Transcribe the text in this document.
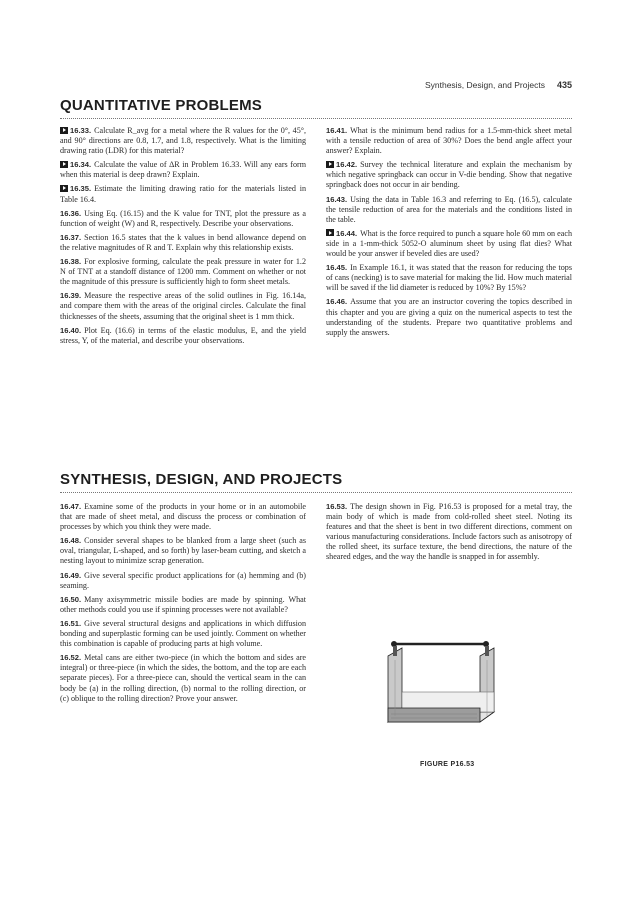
Synthesis, Design, and Projects 435
QUANTITATIVE PROBLEMS

16.33. Calculate R_avg for a metal where the R values for the 0°, 45°, and 90° directions are 0.8, 1.7, and 1.8, respectively. What is the limiting drawing ratio (LDR) for this material?

16.34. Calculate the value of ΔR in Problem 16.33. Will any ears form when this material is deep drawn? Explain.

16.35. Estimate the limiting drawing ratio for the materials listed in Table 16.4.

16.36. Using Eq. (16.15) and the K value for TNT, plot the pressure as a function of weight (W) and R, respectively. Describe your observations.

16.37. Section 16.5 states that the k values in bend allowance depend on the relative magnitudes of R and T. Explain why this relationship exists.

16.38. For explosive forming, calculate the peak pressure in water for 1.2 N of TNT at a standoff distance of 1200 mm. Comment on whether or not the magnitude of this pressure is sufficiently high to form sheet metals.

16.39. Measure the respective areas of the solid outlines in Fig. 16.14a, and compare them with the areas of the original circles. Calculate the final thicknesses of the sheets, assuming that the original sheet is 1 mm thick.

16.40. Plot Eq. (16.6) in terms of the elastic modulus, E, and the yield stress, Y, of the material, and describe your observations.

16.41. What is the minimum bend radius for a 1.5-mm-thick sheet metal with a tensile reduction of area of 30%? Does the bend angle affect your answer? Explain.

16.42. Survey the technical literature and explain the mechanism by which negative springback can occur in V-die bending. Show that negative springback does not occur in air bending.

16.43. Using the data in Table 16.3 and referring to Eq. (16.5), calculate the tensile reduction of area for the materials and the conditions listed in the table.

16.44. What is the force required to punch a square hole 60 mm on each side in a 1-mm-thick 5052-O aluminum sheet by using flat dies? What would be your answer if beveled dies are used?

16.45. In Example 16.1, it was stated that the reason for reducing the tops of cans (necking) is to save material for making the lid. How much material will be saved if the lid diameter is reduced by 10%? By 15%?

16.46. Assume that you are an instructor covering the topics described in this chapter and you are giving a quiz on the numerical aspects to test the understanding of the students. Prepare two quantitative problems and supply the answers.

SYNTHESIS, DESIGN, AND PROJECTS

16.47. Examine some of the products in your home or in an automobile that are made of sheet metal, and discuss the process or combination of processes by which you think they were made.

16.48. Consider several shapes to be blanked from a large sheet (such as oval, triangular, L-shaped, and so forth) by laser-beam cutting, and sketch a nesting layout to minimize scrap generation.

16.49. Give several specific product applications for (a) hemming and (b) seaming.

16.50. Many axisymmetric missile bodies are made by spinning. What other methods could you use if spinning processes were not available?

16.51. Give several structural designs and applications in which diffusion bonding and superplastic forming can be used jointly. Comment on whether this combination is capable of producing parts at high volume.

16.52. Metal cans are either two-piece (in which the bottom and sides are integral) or three-piece (in which the sides, the bottom, and the top are each separate pieces). For a three-piece can, should the vertical seam in the can body be (a) in the rolling direction, (b) normal to the rolling direction, or (c) oblique to the rolling direction? Prove your answer.

16.53. The design shown in Fig. P16.53 is proposed for a metal tray, the main body of which is made from cold-rolled sheet steel. Noting its features and that the sheet is bent in two different directions, comment on various manufacturing considerations. Include factors such as anisotropy of the rolled sheet, its surface texture, the bend directions, the nature of the sheared edges, and the way the handle is snapped in for assembly.

FIGURE P16.53
